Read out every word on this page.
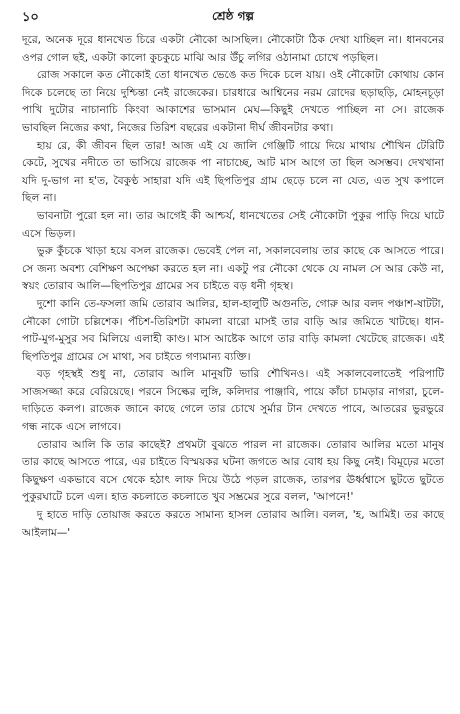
১০	শ্রেষ্ঠ গল্প

দূরে, অনেক দূরে ধানখেত চিরে একটা নৌকো আসছিল। নৌকোটা ঠিক দেখা যাচ্ছিল না। ধানবনের ওপর গোল ছই, একটা কালো কুচকুচে মাঝি আর উঁচু লগির ওঠানামা চোখে পড়ছিল।

রোজ সকালে কত নৌকোই তো ধানখেত ভেঙে কত দিকে চলে যায়। ওই নৌকোটা কোথায় কোন দিকে চলেছে তা নিয়ে দুশ্চিন্তা নেই রাজেকের। চারধারে আশ্বিনের নরম রোদের ছড়াছড়ি, মোহনচূড়া পাখি দুটোর নাচানাচি কিংবা আকাশের ভাসমান মেঘ—কিছুই দেখতে পাচ্ছিল না সে। রাজেক ভাবছিল নিজের কথা, নিজের তিরিশ বছরের একটানা দীর্ঘ জীবনটার কথা।

হায় রে, কী জীবন ছিল তার! আজ এই যে জালি গেঞ্জিটি গায়ে দিয়ে মাথায় শৌখিন টেরিটি কেটে, সুখের নদীতে তা ভাসিয়ে রাজেক পা নাচাচ্ছে, আট মাস আগে তা ছিল অসম্ভব। দেখখানা যদি দু-ভাগ না হ'ত, বৈকুণ্ঠ সাহারা যদি এই ছিপতিপুর গ্রাম ছেড়ে চলে না যেত, এত সুখ কপালে ছিল না।

ভাবনাটা পুরো হল না। তার আগেই কী আশ্চর্য, ধানখেতের সেই নৌকোটা পুকুর পাড়ি দিয়ে ঘাটে এসে ভিড়ল।

ভুরু কুঁচকে খাড়া হয়ে বসল রাজেক। ভেবেই পেল না, সকালবেলায় তার কাছে কে আসতে পারে। সে জন্য অবশ্য বেশিক্ষণ অপেক্ষা করতে হল না। একটু পর নৌকো থেকে যে নামল সে আর কেউ না, স্বয়ং তোরাব আলি—ছিপতিপুর গ্রামের সব চাইতে বড় ধনী গৃহস্থ।

দুশো কানি তে-ফসলা জমি তোরাব আলির, হাল-হালুটি অগুনতি, গোরু আর বলদ পঞ্চাশ-ষাটটা, নৌকো গোটা চল্লিশেক। পঁচিশ-তিরিশটা কামলা বারো মাসই তার বাড়ি আর জমিতে খাটছে। ধান-পাট-মুগ-মুসুর সব মিলিয়ে এলাহী কাণ্ড। মাস আষ্টেক আগে তার বাড়ি কামলা খেটেছে রাজেক। এই ছিপতিপুর গ্রামের সে মাথা, সব চাইতে গণ্যমান্য ব্যক্তি।

বড় গৃহস্থই শুধু না, তোরাব আলি মানুষটি ভারি শৌখিনও। এই সকালবেলাতেই পরিপাটি সাজসজ্জা করে বেরিয়েছে। পরনে সিল্কের লুঙ্গি, কলিদার পাঞ্জাবি, পায়ে কাঁচা চামড়ার নাগরা, চুলে-দাড়িতে কলপ। রাজেক জানে কাছে গেলে তার চোখে সুর্মার টান দেখতে পাবে, আতরের ভুরভুরে গন্ধ নাকে এসে লাগবে।

তোরাব আলি কি তার কাছেই? প্রথমটা বুঝতে পারল না রাজেক। তোরাব আলির মতো মানুষ তার কাছে আসতে পারে, এর চাইতে বিস্ময়কর ঘটনা জগতে আর বোধ হয় কিছু নেই। বিমূঢ়ের মতো কিছুক্ষণ একভাবে বসে থেকে হঠাৎ লাফ দিয়ে উঠে পড়ল রাজেক, তারপর ঊর্ধ্বশ্বাসে ছুটতে ছুটতে পুকুরঘাটে চলে এল। হাত কচলাতে কচলাতে খুব সম্ভ্রমের সুরে বলল, 'আপনে!'

দু হাতে দাড়ি তোয়াজ করতে করতে সামান্য হাসল তোরাব আলি। বলল, 'হ, আমিই। তর কাছে আইলাম—'
